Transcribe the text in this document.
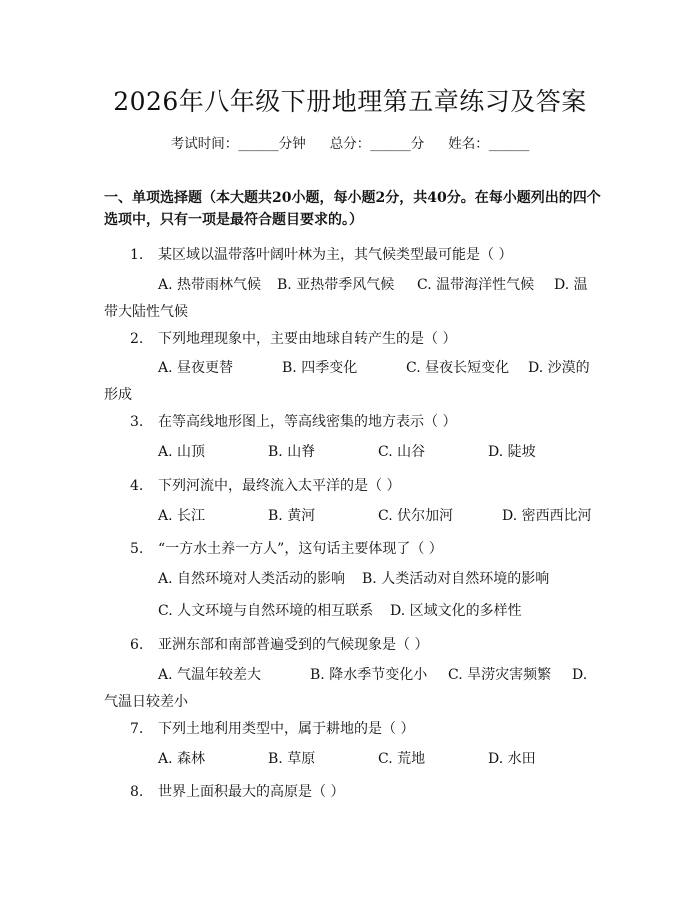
2026年八年级下册地理第五章练习及答案
考试时间：______分钟 总分：______分 姓名：______
一、单项选择题（本大题共20小题，每小题2分，共40分。在每小题列出的四个选项中，只有一项是最符合题目要求的。）
1. 某区域以温带落叶阔叶林为主，其气候类型最可能是（ ）
A. 热带雨林气候 B. 亚热带季风气候 C. 温带海洋性气候 D. 温带大陆性气候
2. 下列地理现象中，主要由地球自转产生的是（ ）
A. 昼夜更替	B. 四季变化	C. 昼夜长短变化 D. 沙漠的形成
3. 在等高线地形图上，等高线密集的地方表示（ ）
A. 山顶	B. 山脊	C. 山谷	D. 陡坡
4. 下列河流中，最终流入太平洋的是（ ）
A. 长江	B. 黄河	C. 伏尔加河	D. 密西西比河
5. “一方水土养一方人”，这句话主要体现了（ ）
A. 自然环境对人类活动的影响 B. 人类活动对自然环境的影响
C. 人文环境与自然环境的相互联系 D. 区域文化的多样性
6. 亚洲东部和南部普遍受到的气候现象是（ ）
A. 气温年较差大	B. 降水季节变化小 C. 旱涝灾害频繁 D. 气温日较差小
7. 下列土地利用类型中，属于耕地的是（ ）
A. 森林	B. 草原	C. 荒地	D. 水田
8. 世界上面积最大的高原是（ ）
